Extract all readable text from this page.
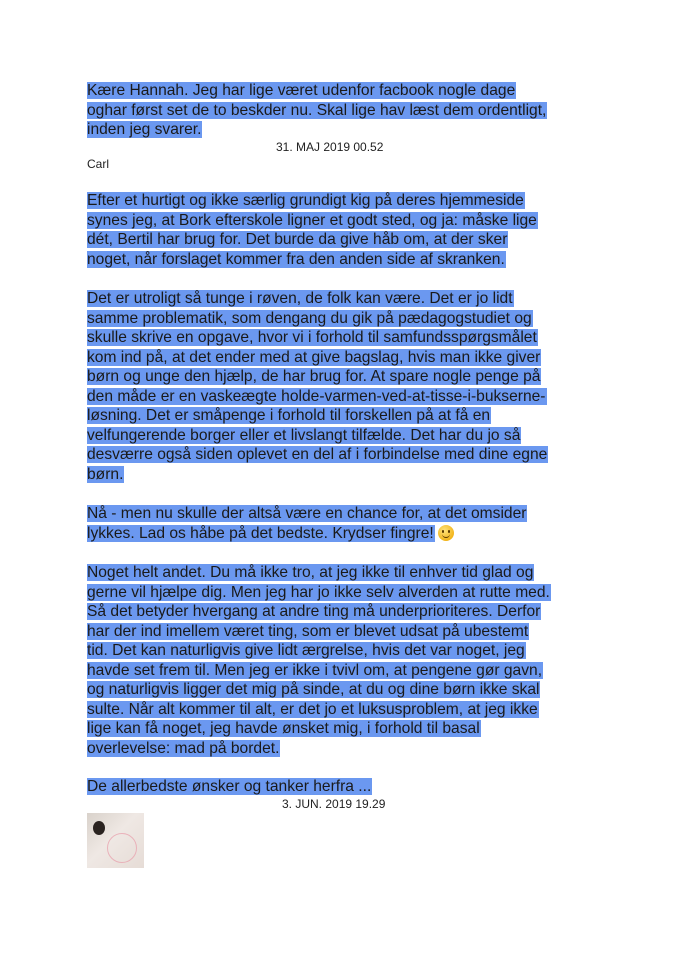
Kære Hannah. Jeg har lige været udenfor facbook nogle dage
oghar først set de to beskder nu. Skal lige hav læst dem ordentligt,
inden jeg svarer.
31. MAJ 2019 00.52
Carl
Efter et hurtigt og ikke særlig grundigt kig på deres hjemmeside
synes jeg, at Bork efterskole ligner et godt sted, og ja: måske lige
dét, Bertil har brug for. Det burde da give håb om, at der sker
noget, når forslaget kommer fra den anden side af skranken.
Det er utroligt så tunge i røven, de folk kan være. Det er jo lidt
samme problematik, som dengang du gik på pædagogstudiet og
skulle skrive en opgave, hvor vi i forhold til samfundsspørgsmålet
kom ind på, at det ender med at give bagslag, hvis man ikke giver
børn og unge den hjælp, de har brug for. At spare nogle penge på
den måde er en vaskeægte holde-varmen-ved-at-tisse-i-bukserne-
løsning. Det er småpenge i forhold til forskellen på at få en
velfungerende borger eller et livslangt tilfælde. Det har du jo så
desværre også siden oplevet en del af i forbindelse med dine egne
børn.
Nå - men nu skulle der altså være en chance for, at det omsider
lykkes. Lad os håbe på det bedste. Krydser fingre!
Noget helt andet. Du må ikke tro, at jeg ikke til enhver tid glad og
gerne vil hjælpe dig. Men jeg har jo ikke selv alverden at rutte med.
Så det betyder hvergang at andre ting må underprioriteres. Derfor
har der ind imellem været ting, som er blevet udsat på ubestemt
tid. Det kan naturligvis give lidt ærgrelse, hvis det var noget, jeg
havde set frem til. Men jeg er ikke i tvivl om, at pengene gør gavn,
og naturligvis ligger det mig på sinde, at du og dine børn ikke skal
sulte. Når alt kommer til alt, er det jo et luksusproblem, at jeg ikke
lige kan få noget, jeg havde ønsket mig, i forhold til basal
overlevelse: mad på bordet.
De allerbedste ønsker og tanker herfra ...
3. JUN. 2019 19.29
